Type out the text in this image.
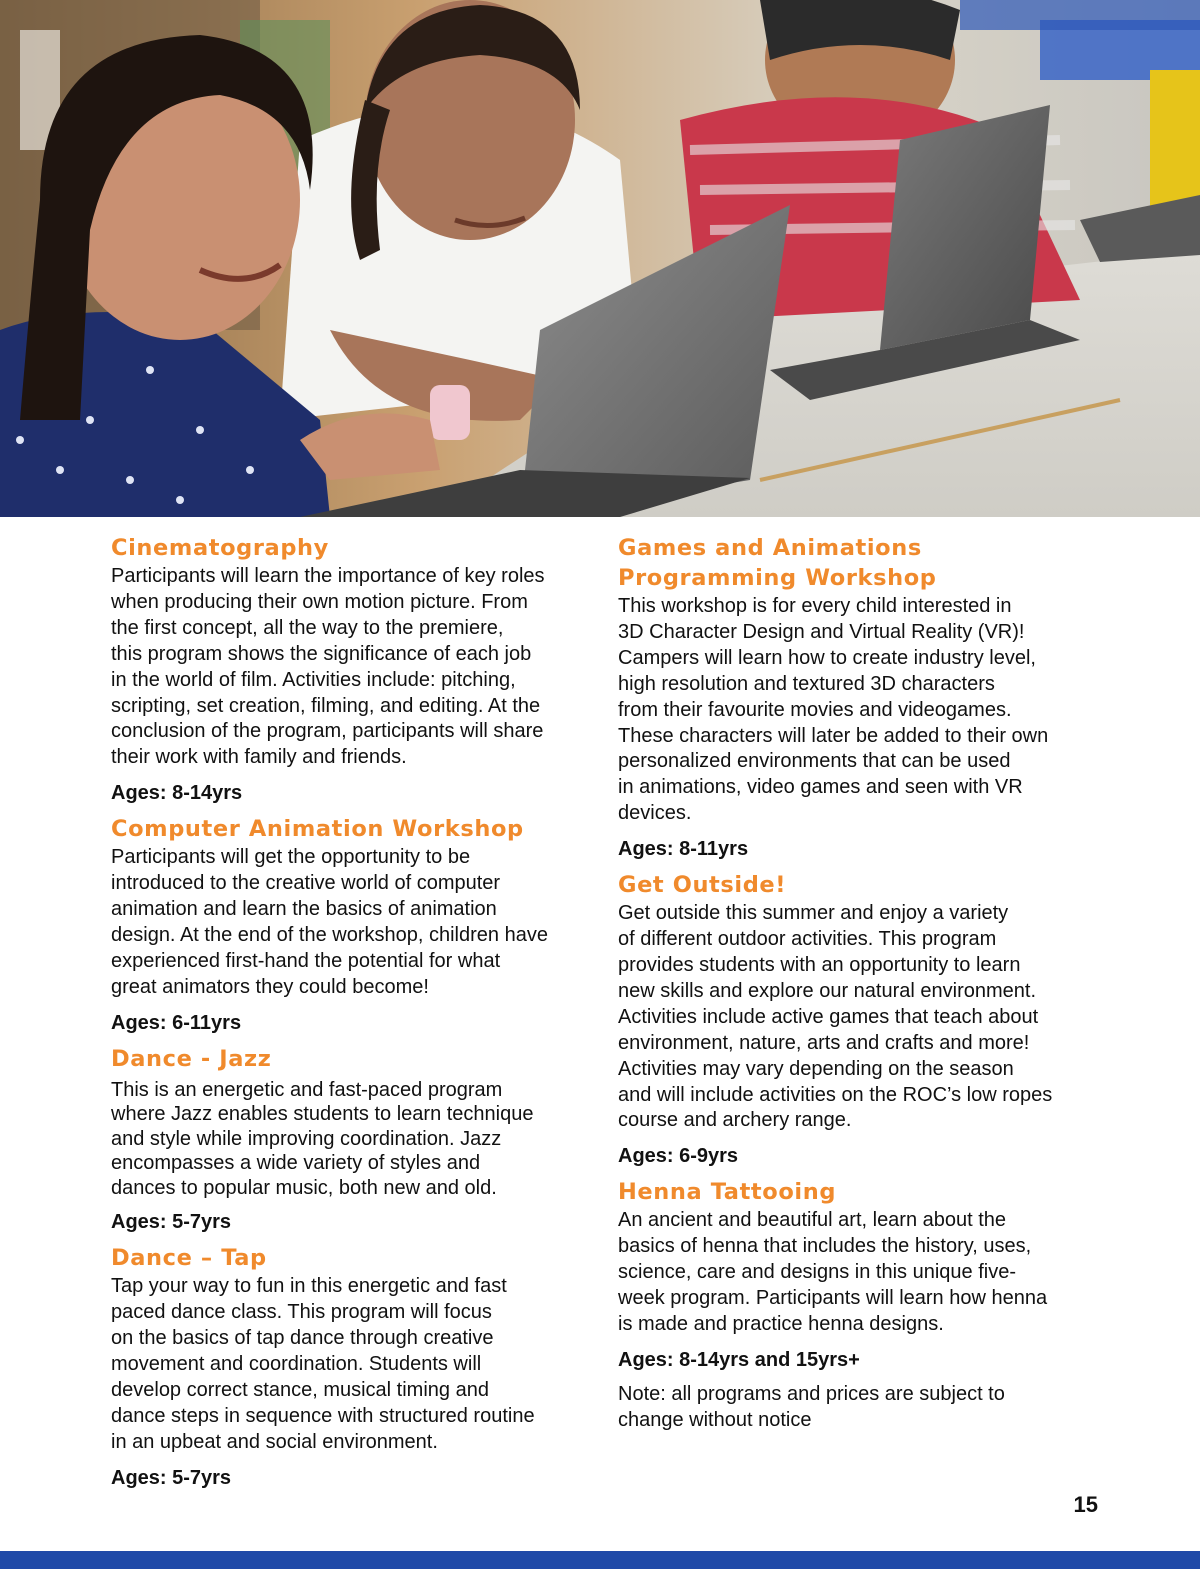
Cinematography

Participants will learn the importance of key roles
when producing their own motion picture. From
the first concept, all the way to the premiere,
this program shows the significance of each job
in the world of film. Activities include: pitching,
scripting, set creation, filming, and editing. At the
conclusion of the program, participants will share
their work with family and friends.

Ages: 8-14yrs

Computer Animation Workshop

Participants will get the opportunity to be
introduced to the creative world of computer
animation and learn the basics of animation
design. At the end of the workshop, children have
experienced first-hand the potential for what
great animators they could become!

Ages: 6-11yrs

Dance - Jazz

This is an energetic and fast-paced program
where Jazz enables students to learn technique
and style while improving coordination. Jazz
encompasses a wide variety of styles and
dances to popular music, both new and old.

Ages: 5-7yrs

Dance – Tap

Tap your way to fun in this energetic and fast
paced dance class. This program will focus
on the basics of tap dance through creative
movement and coordination. Students will
develop correct stance, musical timing and
dance steps in sequence with structured routine
in an upbeat and social environment.

Ages: 5-7yrs

Games and Animations
Programming Workshop

This workshop is for every child interested in
3D Character Design and Virtual Reality (VR)!
Campers will learn how to create industry level,
high resolution and textured 3D characters
from their favourite movies and videogames.
These characters will later be added to their own
personalized environments that can be used
in animations, video games and seen with VR
devices.

Ages: 8-11yrs

Get Outside!

Get outside this summer and enjoy a variety
of different outdoor activities. This program
provides students with an opportunity to learn
new skills and explore our natural environment.
Activities include active games that teach about
environment, nature, arts and crafts and more!
Activities may vary depending on the season
and will include activities on the ROC’s low ropes
course and archery range.

Ages: 6-9yrs

Henna Tattooing

An ancient and beautiful art, learn about the
basics of henna that includes the history, uses,
science, care and designs in this unique five-
week program. Participants will learn how henna
is made and practice henna designs.

Ages: 8-14yrs and 15yrs+

Note: all programs and prices are subject to
change without notice

15
